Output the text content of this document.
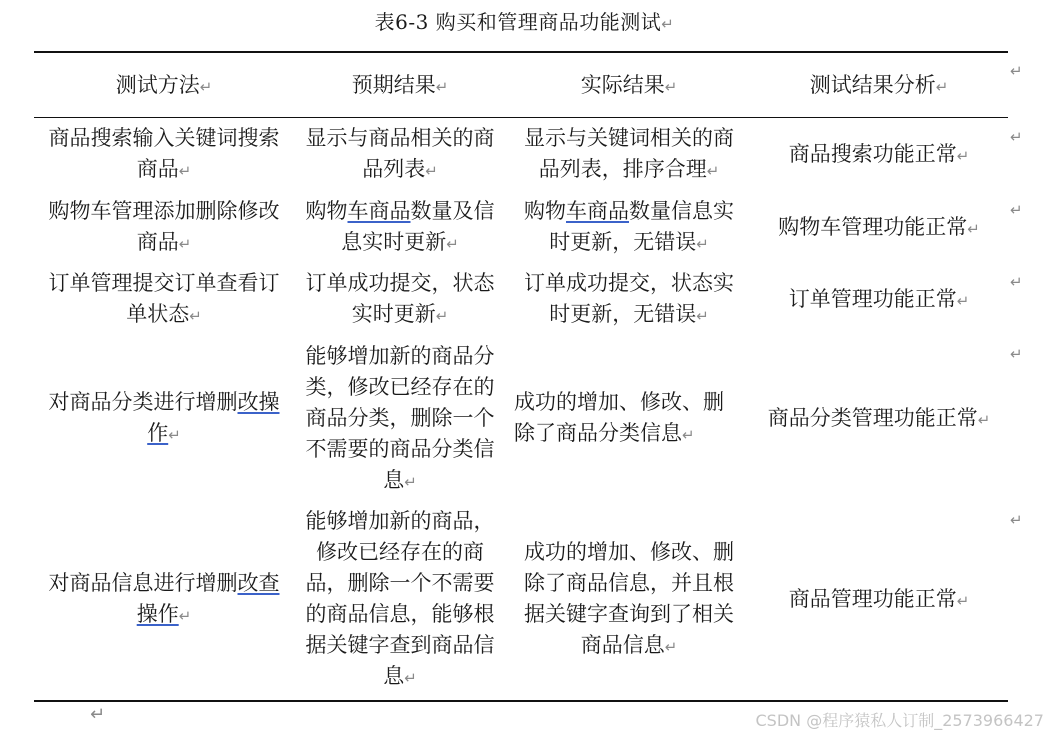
表6-3 购买和管理商品功能测试↵
测试方法↵	预期结果↵	实际结果↵	测试结果分析↵
↵
商品搜索输入关键词搜索商品↵
显示与商品相关的商品列表↵
显示与关键词相关的商品列表，排序合理↵
商品搜索功能正常↵
↵
购物车管理添加删除修改商品↵
购物车商品数量及信息实时更新↵
购物车商品数量信息实时更新，无错误↵
购物车管理功能正常↵
↵
订单管理提交订单查看订单状态↵
订单成功提交，状态实时更新↵
订单成功提交，状态实时更新，无错误↵
订单管理功能正常↵
↵
对商品分类进行增删改操作↵
能够增加新的商品分类，修改已经存在的商品分类，删除一个不需要的商品分类信息↵
成功的增加、修改、删除了商品分类信息↵
商品分类管理功能正常↵
↵
对商品信息进行增删改查操作↵
能够增加新的商品，修改已经存在的商品，删除一个不需要的商品信息，能够根据关键字查到商品信息↵
成功的增加、修改、删除了商品信息，并且根据关键字查询到了相关商品信息↵
商品管理功能正常↵
↵
↵	CSDN @程序猿私人订制_2573966427
